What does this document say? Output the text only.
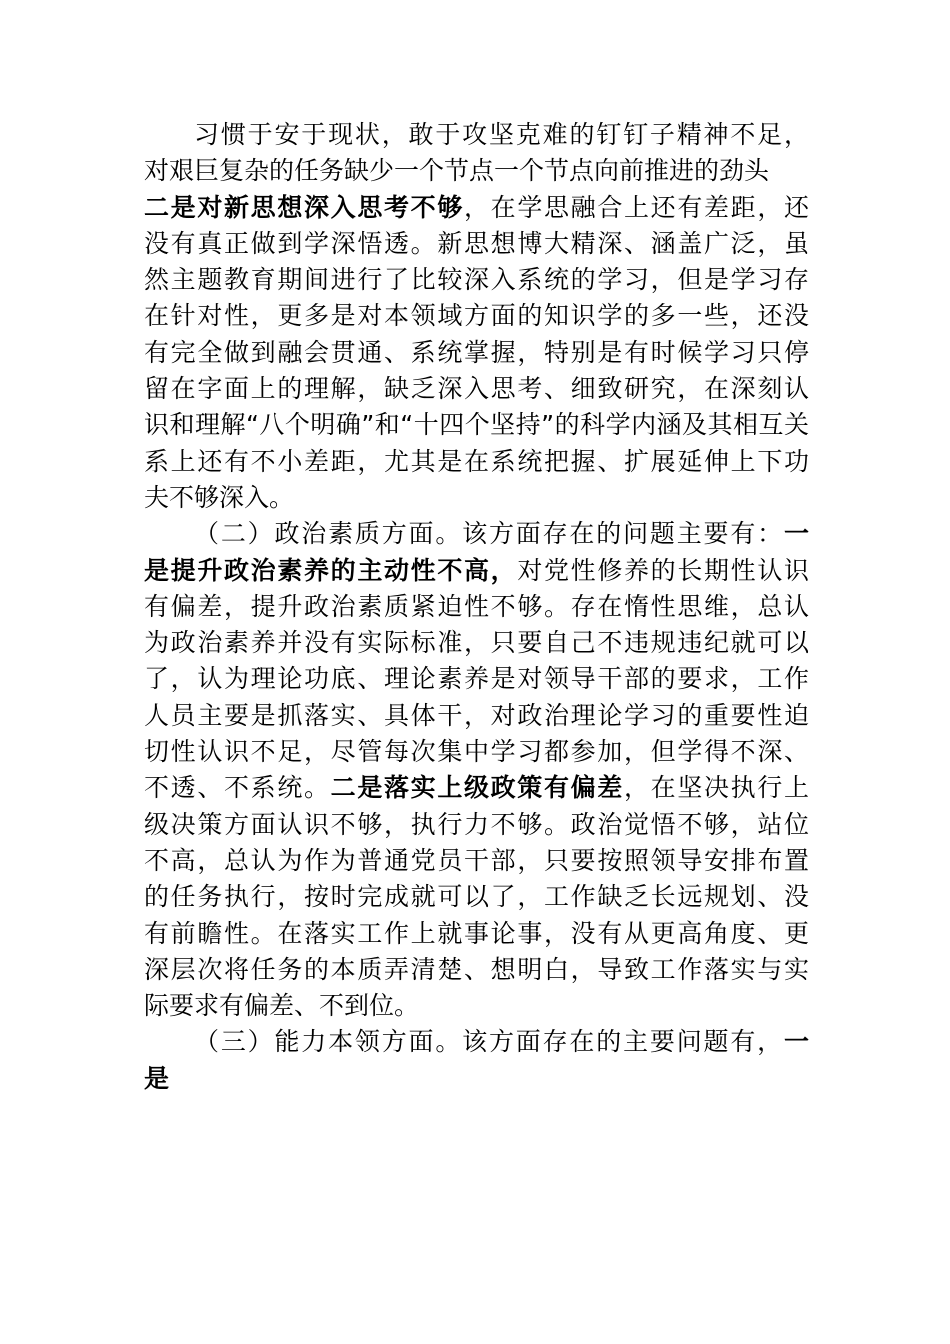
习惯于安于现状，敢于攻坚克难的钉钉子精神不足，
对艰巨复杂的任务缺少一个节点一个节点向前推进的劲头
二是对新思想深入思考不够，在学思融合上还有差距，还
没有真正做到学深悟透。新思想博大精深、涵盖广泛，虽
然主题教育期间进行了比较深入系统的学习，但是学习存
在针对性，更多是对本领域方面的知识学的多一些，还没
有完全做到融会贯通、系统掌握，特别是有时候学习只停
留在字面上的理解，缺乏深入思考、细致研究，在深刻认
识和理解“八个明确”和“十四个坚持”的科学内涵及其相互关
系上还有不小差距，尤其是在系统把握、扩展延伸上下功
夫不够深入。
（二）政治素质方面。该方面存在的问题主要有：一
是提升政治素养的主动性不高，对党性修养的长期性认识
有偏差，提升政治素质紧迫性不够。存在惰性思维，总认
为政治素养并没有实际标准，只要自己不违规违纪就可以
了，认为理论功底、理论素养是对领导干部的要求，工作
人员主要是抓落实、具体干，对政治理论学习的重要性迫
切性认识不足，尽管每次集中学习都参加，但学得不深、
不透、不系统。二是落实上级政策有偏差，在坚决执行上
级决策方面认识不够，执行力不够。政治觉悟不够，站位
不高，总认为作为普通党员干部，只要按照领导安排布置
的任务执行，按时完成就可以了，工作缺乏长远规划、没
有前瞻性。在落实工作上就事论事，没有从更高角度、更
深层次将任务的本质弄清楚、想明白，导致工作落实与实
际要求有偏差、不到位。
（三）能力本领方面。该方面存在的主要问题有，一
是
